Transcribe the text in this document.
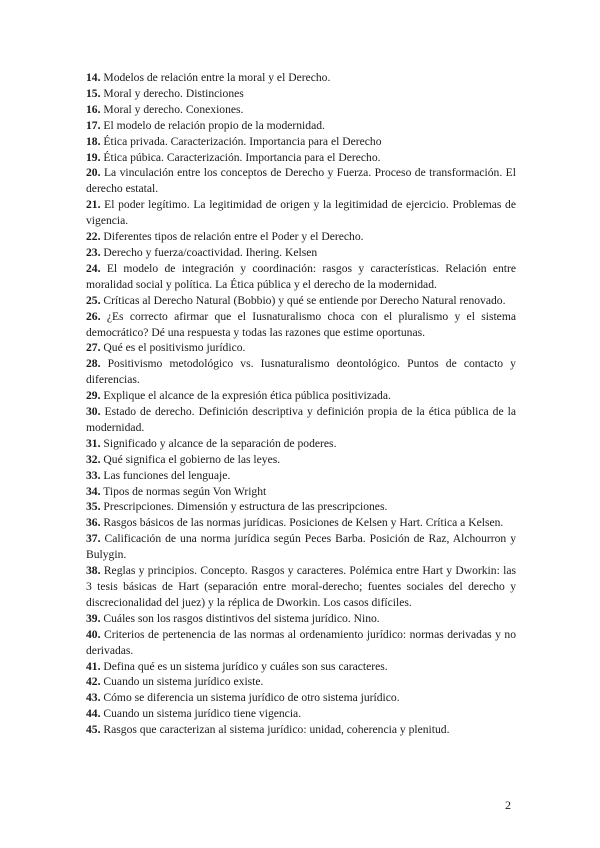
14. Modelos de relación entre la moral y el Derecho.

15. Moral y derecho. Distinciones

16. Moral y derecho. Conexiones.

17. El modelo de relación propio de la modernidad.

18. Ética privada. Caracterización. Importancia para el Derecho

19. Ética púbica. Caracterización. Importancia para el Derecho.

20. La vinculación entre los conceptos de Derecho y Fuerza. Proceso de transformación. El derecho estatal.

21. El poder legítimo. La legitimidad de origen y la legitimidad de ejercicio. Problemas de vigencia.

22. Diferentes tipos de relación entre el Poder y el Derecho.

23. Derecho y fuerza/coactividad. Ihering. Kelsen

24. El modelo de integración y coordinación: rasgos y características. Relación entre moralidad social y política. La Ética pública y el derecho de la modernidad.

25. Críticas al Derecho Natural (Bobbio) y qué se entiende por Derecho Natural renovado.

26. ¿Es correcto afirmar que el Iusnaturalismo choca con el pluralismo y el sistema democrático? Dé una respuesta y todas las razones que estime oportunas.

27. Qué es el positivismo jurídico.

28. Positivismo metodológico vs. Iusnaturalismo deontológico. Puntos de contacto y diferencias.

29. Explique el alcance de la expresión ética pública positivizada.

30. Estado de derecho. Definición descriptiva y definición propia de la ética pública de la modernidad.

31. Significado y alcance de la separación de poderes.

32. Qué significa el gobierno de las leyes.

33. Las funciones del lenguaje.

34. Tipos de normas según Von Wright

35. Prescripciones. Dimensión y estructura de las prescripciones.

36. Rasgos básicos de las normas jurídicas. Posiciones de Kelsen y Hart. Crítica a Kelsen.

37. Calificación de una norma jurídica según Peces Barba. Posición de Raz, Alchourron y Bulygin.

38. Reglas y principios. Concepto. Rasgos y caracteres. Polémica entre Hart y Dworkin: las 3 tesis básicas de Hart (separación entre moral-derecho; fuentes sociales del derecho y discrecionalidad del juez) y la réplica de Dworkin. Los casos difíciles.

39. Cuáles son los rasgos distintivos del sistema jurídico. Nino.

40. Criterios de pertenencia de las normas al ordenamiento jurídico: normas derivadas y no derivadas.

41. Defina qué es un sistema jurídico y cuáles son sus caracteres.

42. Cuando un sistema jurídico existe.

43. Cómo se diferencia un sistema jurídico de otro sistema jurídico.

44. Cuando un sistema jurídico tiene vigencia.

45. Rasgos que caracterizan al sistema jurídico: unidad, coherencia y plenitud.

2
